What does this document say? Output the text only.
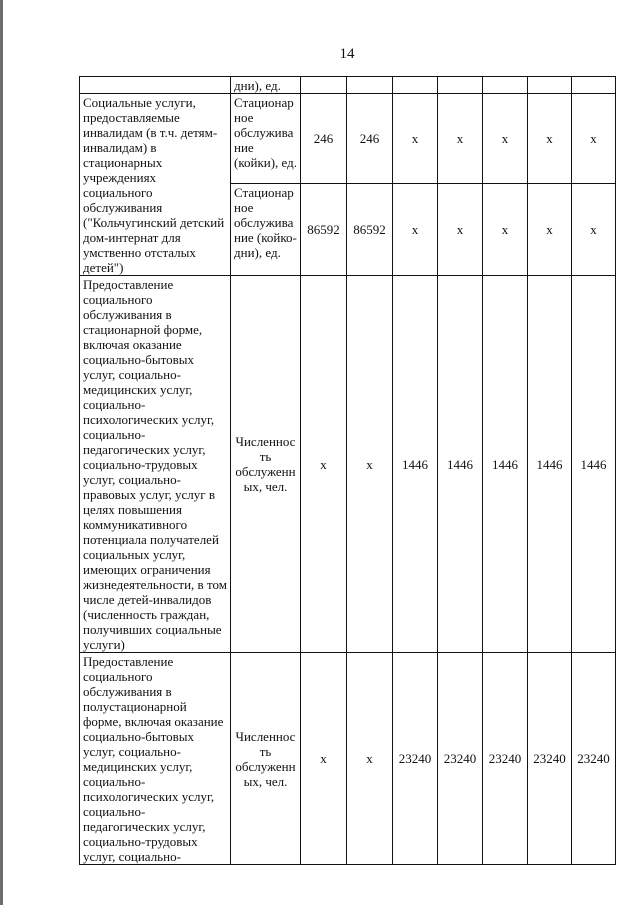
14
	дни), ед.							
Социальные услуги, предоставляемые инвалидам (в т.ч. детям-инвалидам) в стационарных учреждениях социального обслуживания ("Кольчугинский детский дом-интернат для умственно отсталых детей")	Стационарное обслуживание (койки), ед.	246	246	х	х	х	х	х
	Стационарное обслуживание (койко-дни), ед.	86592	86592	х	х	х	х	х
Предоставление социального обслуживания в стационарной форме, включая оказание социально-бытовых услуг, социально-медицинских услуг, социально-психологических услуг, социально-педагогических услуг, социально-трудовых услуг, социально-правовых услуг, услуг в целях повышения коммуникативного потенциала получателей социальных услуг, имеющих ограничения жизнедеятельности, в том числе детей-инвалидов (численность граждан, получивших социальные услуги)	Численность обслуженных, чел.	х	х	1446	1446	1446	1446	1446
Предоставление социального обслуживания в полустационарной форме, включая оказание социально-бытовых услуг, социально-медицинских услуг, социально-психологических услуг, социально-педагогических услуг, социально-трудовых услуг, социально-	Численность обслуженных, чел.	х	х	23240	23240	23240	23240	23240
